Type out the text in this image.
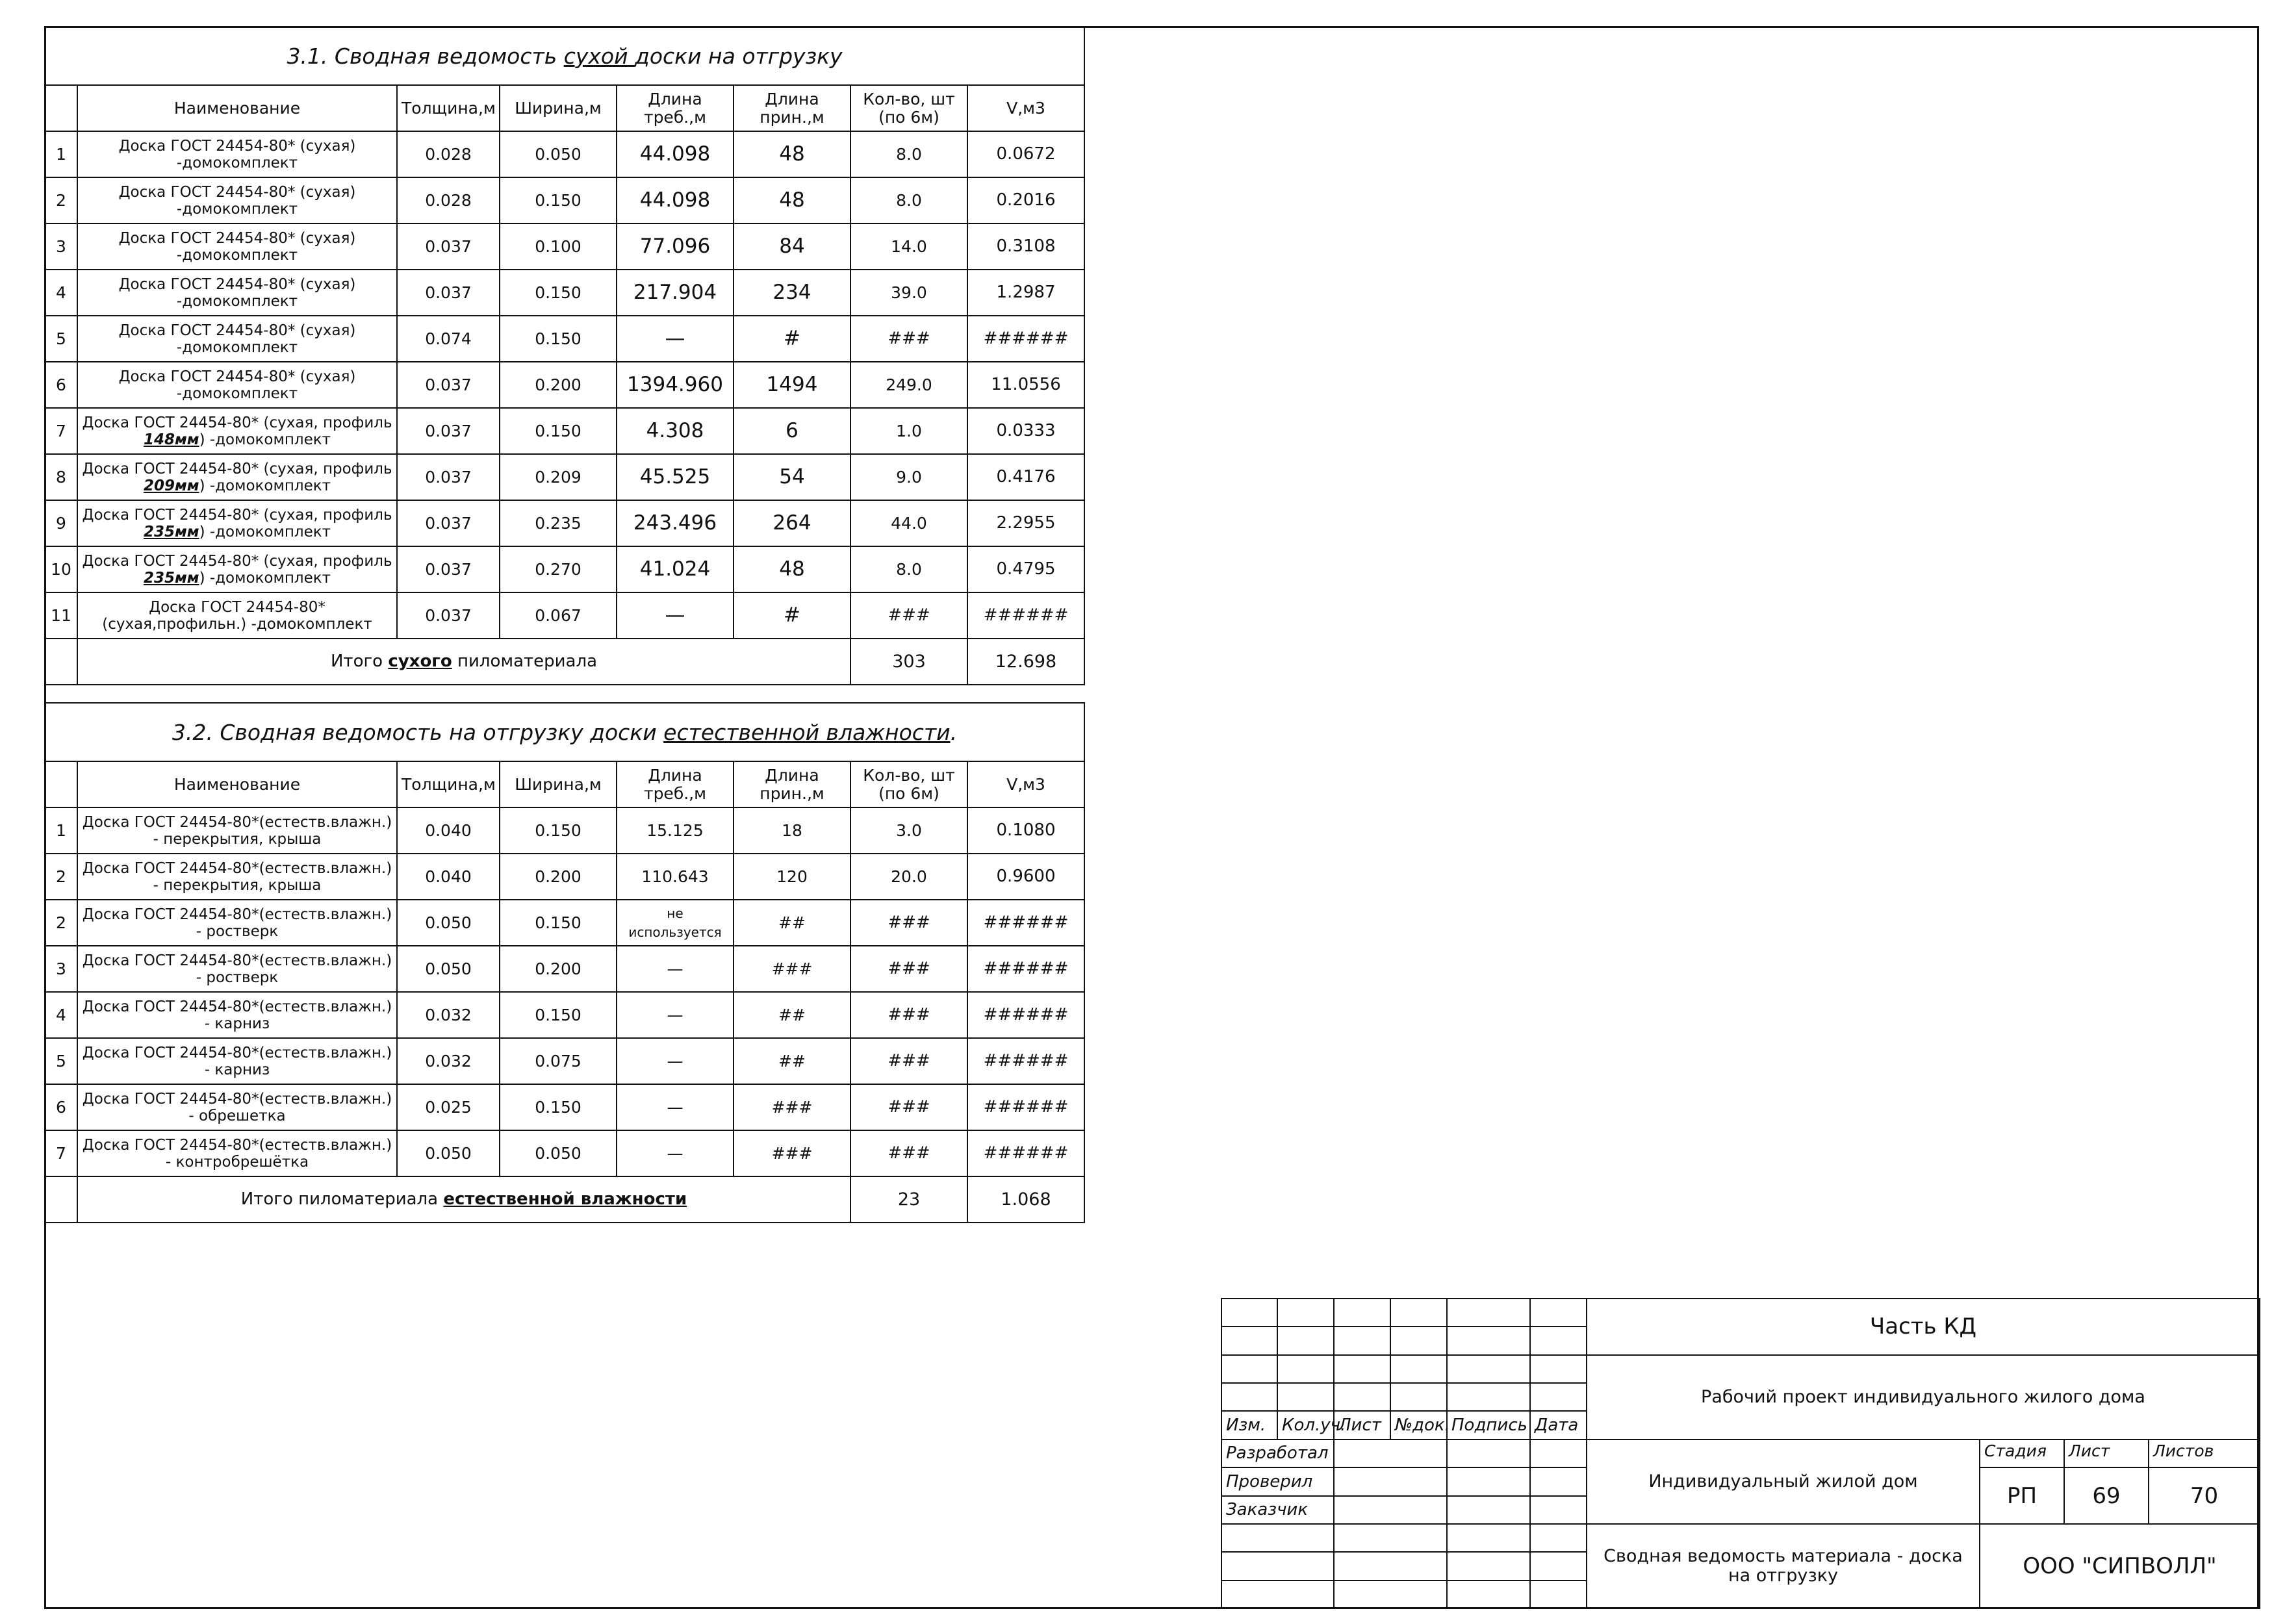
3.1. Сводная ведомость сухой доски на отгрузку							
	Наименование	Толщина,м	Ширина,м	Длина треб.,м	Длина прин.,м	Кол-во, шт (по 6м)	V,м3
1	Доска ГОСТ 24454-80* (сухая) -домокомплект	0.028	0.050	44.098	48	8.0	0.0672
2	Доска ГОСТ 24454-80* (сухая) -домокомплект	0.028	0.150	44.098	48	8.0	0.2016
3	Доска ГОСТ 24454-80* (сухая) -домокомплект	0.037	0.100	77.096	84	14.0	0.3108
4	Доска ГОСТ 24454-80* (сухая) -домокомплект	0.037	0.150	217.904	234	39.0	1.2987
5	Доска ГОСТ 24454-80* (сухая) -домокомплект	0.074	0.150	—	#	###	######
6	Доска ГОСТ 24454-80* (сухая) -домокомплект	0.037	0.200	1394.960	1494	249.0	11.0556
7	Доска ГОСТ 24454-80* (сухая, профиль 148мм) -домокомплект	0.037	0.150	4.308	6	1.0	0.0333
8	Доска ГОСТ 24454-80* (сухая, профиль 209мм) -домокомплект	0.037	0.209	45.525	54	9.0	0.4176
9	Доска ГОСТ 24454-80* (сухая, профиль 235мм) -домокомплект	0.037	0.235	243.496	264	44.0	2.2955
10	Доска ГОСТ 24454-80* (сухая, профиль 235мм) -домокомплект	0.037	0.270	41.024	48	8.0	0.4795
11	Доска ГОСТ 24454-80* (сухая,профильн.) -домокомплект	0.037	0.067	—	#	###	######
	Итого сухого пиломатериала					303	12.698

3.2. Сводная ведомость на отгрузку доски естественной влажности.							
	Наименование	Толщина,м	Ширина,м	Длина треб.,м	Длина прин.,м	Кол-во, шт (по 6м)	V,м3
1	Доска ГОСТ 24454-80*(естеств.влажн.) - перекрытия, крыша	0.040	0.150	15.125	18	3.0	0.1080
2	Доска ГОСТ 24454-80*(естеств.влажн.) - перекрытия, крыша	0.040	0.200	110.643	120	20.0	0.9600
2	Доска ГОСТ 24454-80*(естеств.влажн.) - ростверк	0.050	0.150	не используется	##	###	######
3	Доска ГОСТ 24454-80*(естеств.влажн.) - ростверк	0.050	0.200	—	###	###	######
4	Доска ГОСТ 24454-80*(естеств.влажн.) - карниз	0.032	0.150	—	##	###	######
5	Доска ГОСТ 24454-80*(естеств.влажн.) - карниз	0.032	0.075	—	##	###	######
6	Доска ГОСТ 24454-80*(естеств.влажн.) - обрешетка	0.025	0.150	—	###	###	######
7	Доска ГОСТ 24454-80*(естеств.влажн.) - контробрешётка	0.050	0.050	—	###	###	######
	Итого пиломатериала естественной влажности					23	1.068
						Часть КД			

						Рабочий проект индивидуального жилого дома			

Изм.	Кол.уч.	Лист	№док.	Подпись	Дата				
Разработал						Индивидуальный жилой дом	Стадия	Лист	Листов
Проверил							РП	69	70
Заказчик									
						Сводная ведомость материала - доска на отгрузку	ООО "СИПВОЛЛ"		
